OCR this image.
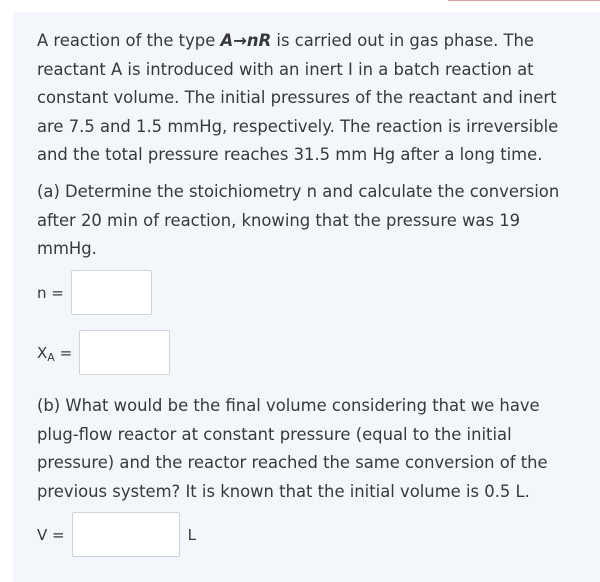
A reaction of the type A→nR is carried out in gas phase. The reactant A is introduced with an inert I in a batch reaction at constant volume. The initial pressures of the reactant and inert are 7.5 and 1.5 mmHg, respectively. The reaction is irreversible and the total pressure reaches 31.5 mm Hg after a long time.

(a) Determine the stoichiometry n and calculate the conversion after 20 min of reaction, knowing that the pressure was 19 mmHg.

n =
$X_A$ =

(b) What would be the final volume considering that we have plug-flow reactor at constant pressure (equal to the initial pressure) and the reactor reached the same conversion of the previous system? It is known that the initial volume is 0.5 L.

V =	L
